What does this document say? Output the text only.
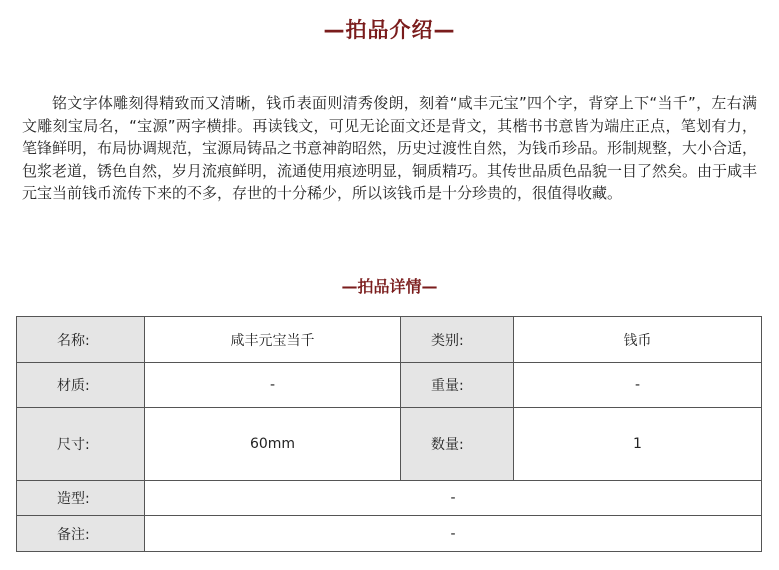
—拍品介绍—

铭文字体雕刻得精致而又清晰，钱币表面则清秀俊朗，刻着“咸丰元宝”四个字，背穿上下“当千”，左右满文雕刻宝局名，“宝源”两字横排。再读钱文，可见无论面文还是背文，其楷书书意皆为端庄正点，笔划有力，笔锋鲜明，布局协调规范，宝源局铸品之书意神韵昭然，历史过渡性自然，为钱币珍品。形制规整，大小合适，包浆老道，锈色自然，岁月流痕鲜明，流通使用痕迹明显，铜质精巧。其传世品质色品貌一目了然矣。由于咸丰元宝当前钱币流传下来的不多，存世的十分稀少，所以该钱币是十分珍贵的，很值得收藏。

—拍品详情—
名称:	咸丰元宝当千	类别:	钱币
材质:	-	重量:	-
尺寸:	60mm	数量:	1
造型:	-		
备注:	-		
